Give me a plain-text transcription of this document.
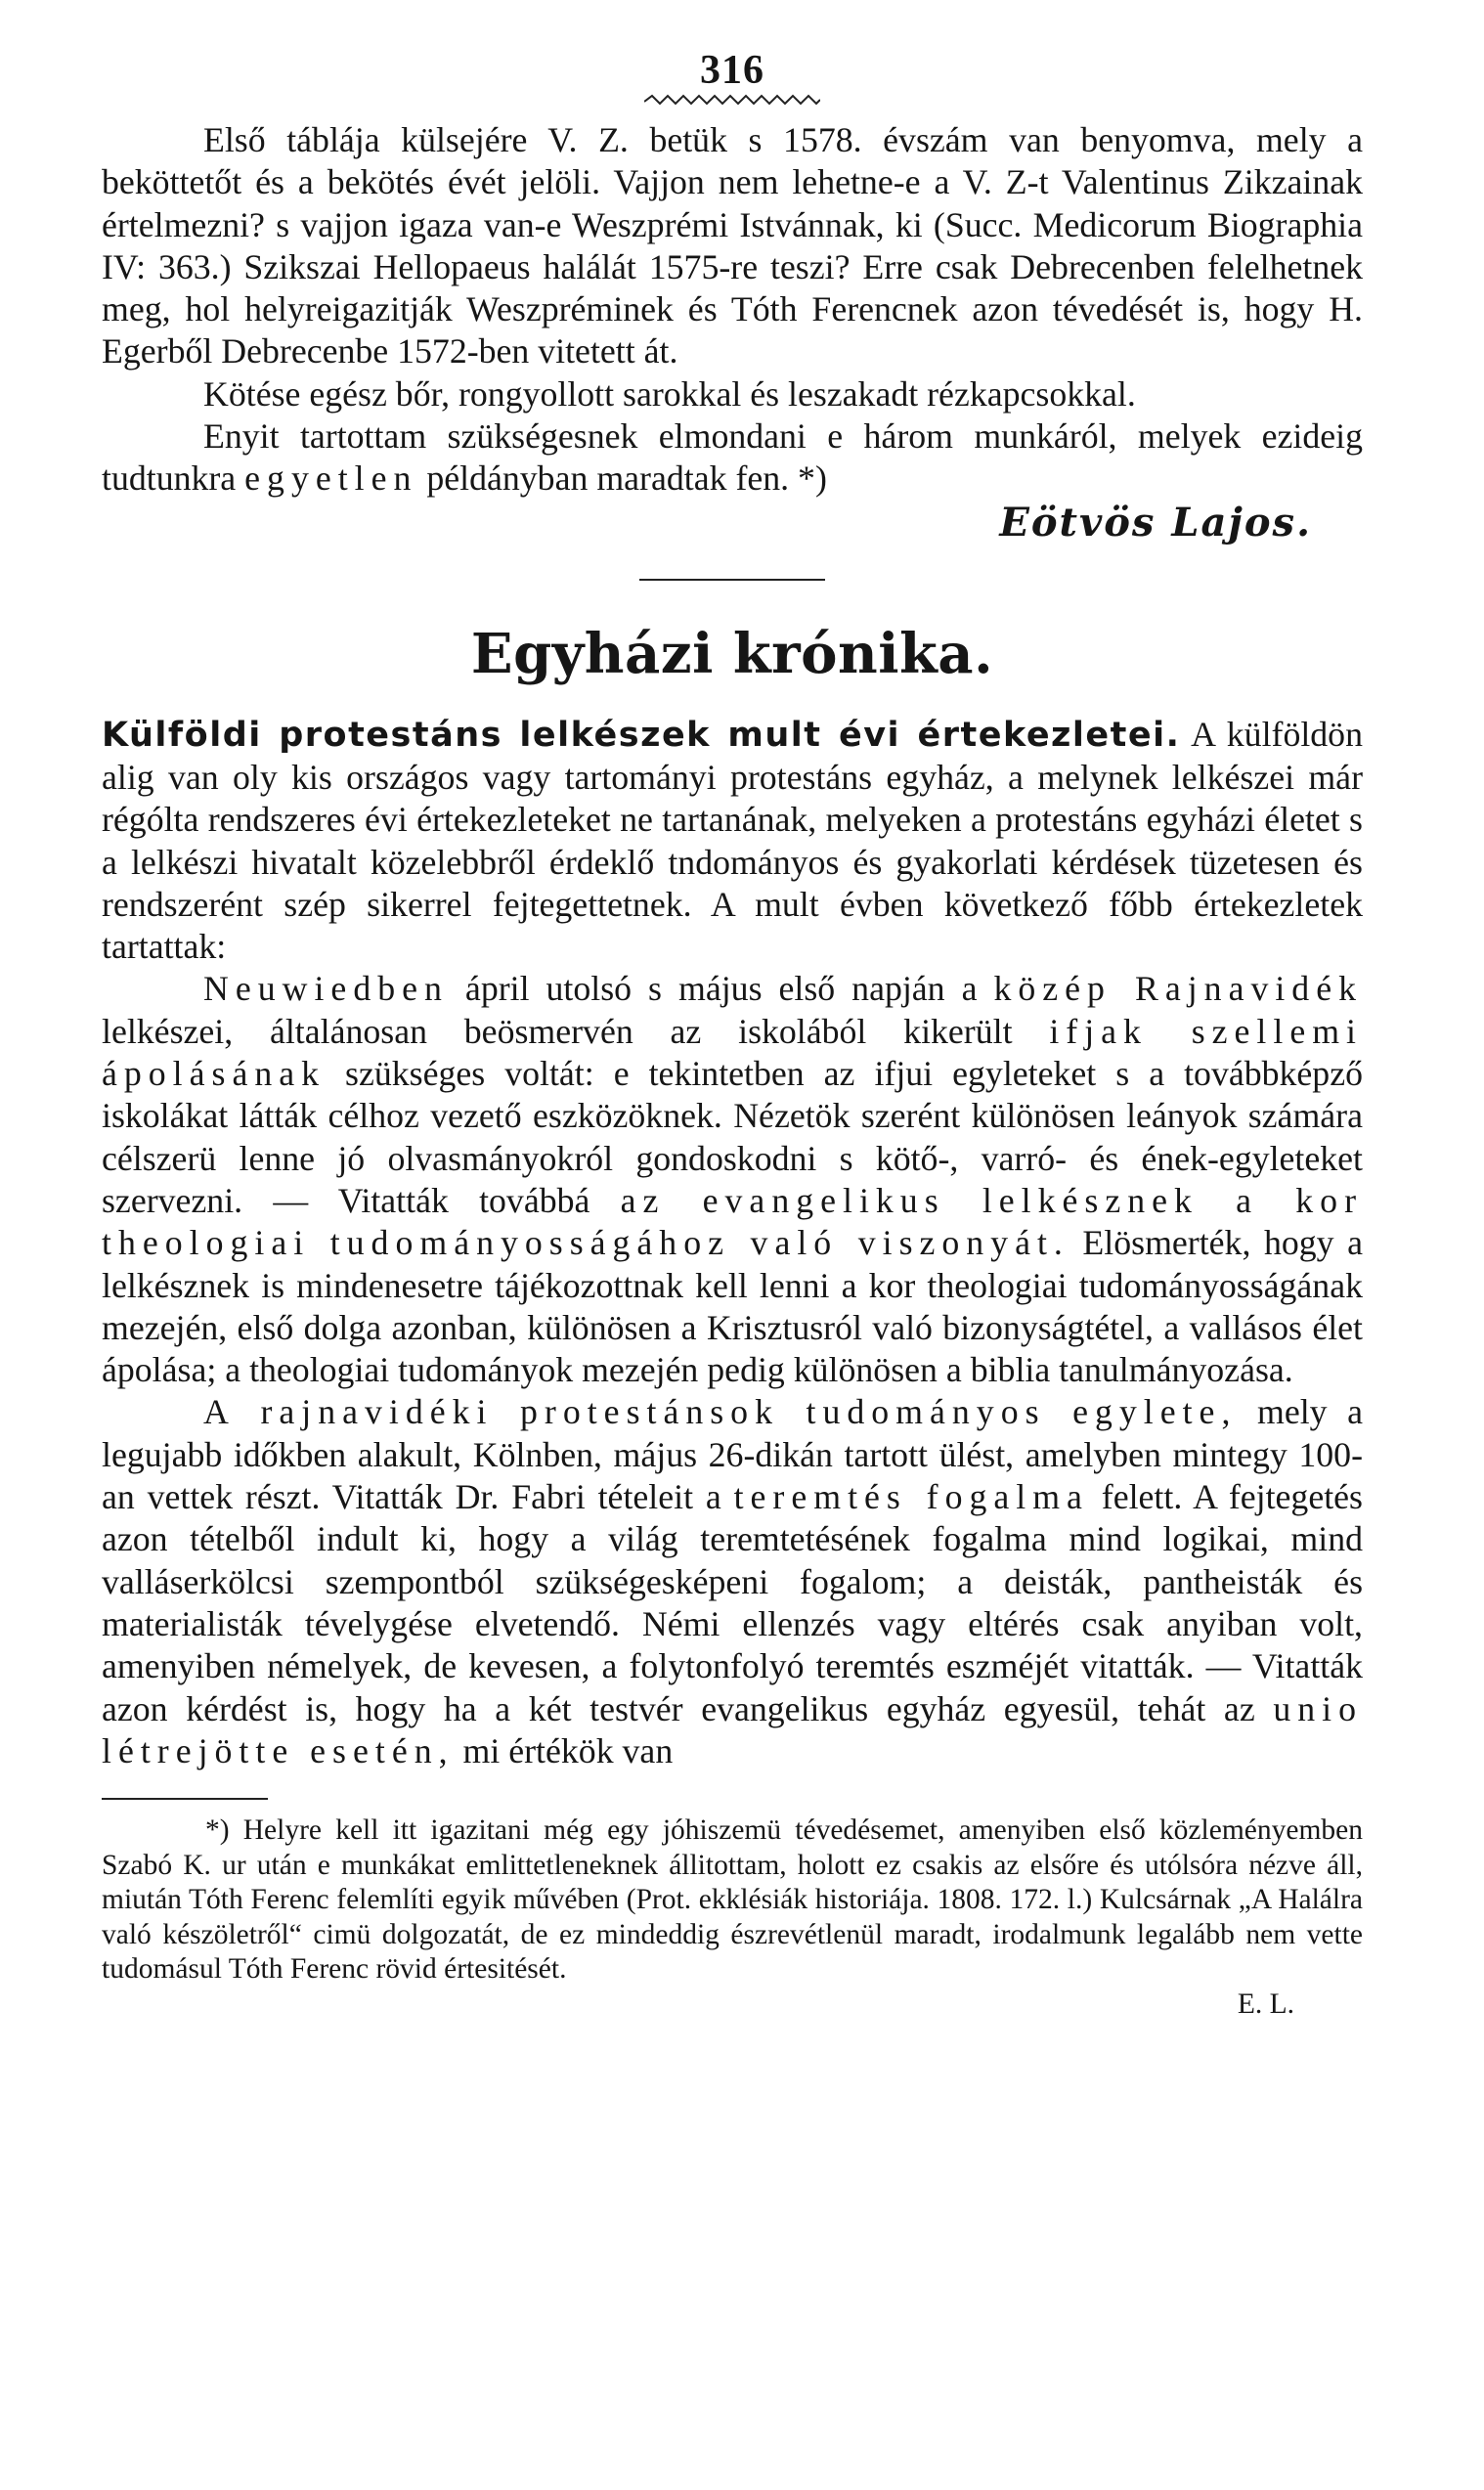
316

Első táblája külsejére V. Z. betük s 1578. évszám van benyomva, mely a beköttetőt és a bekötés évét jelöli. Vajjon nem lehetne-e a V. Z-t Valentinus Zikzainak értelmezni? s vajjon igaza van-e Weszprémi Istvánnak, ki (Succ. Medicorum Biographia IV: 363.) Szikszai Hellopaeus halálát 1575-re teszi? Erre csak Debrecenben felelhetnek meg, hol helyreigazitják Weszpréminek és Tóth Ferencnek azon tévedését is, hogy H. Egerből Debrecenbe 1572-ben vitetett át.

Kötése egész bőr, rongyollott sarokkal és leszakadt rézkapcsokkal.

Enyit tartottam szükségesnek elmondani e három munkáról, melyek ezideig tudtunkra egyetlen példányban maradtak fen. *)

Eötvös Lajos.
Egyházi krónika.

Külföldi protestáns lelkészek mult évi értekezletei. A külföldön alig van oly kis országos vagy tartományi protestáns egyház, a melynek lelkészei már régólta rendszeres évi értekezleteket ne tartanának, melyeken a protestáns egyházi életet s a lelkészi hivatalt közelebbről érdeklő tndományos és gyakorlati kérdések tüzetesen és rendszerént szép sikerrel fejtegettetnek. A mult évben következő főbb értekezletek tartattak:

Neuwiedben ápril utolsó s május első napján a közép Rajnavidék lelkészei, általánosan beösmervén az iskolából kikerült ifjak szellemi ápolásának szükséges voltát: e tekintetben az ifjui egyleteket s a továbbképző iskolákat látták célhoz vezető eszközöknek. Nézetök szerént különösen leányok számára célszerü lenne jó olvasmányokról gondoskodni s kötő-, varró- és ének-egyleteket szervezni. — Vitatták továbbá az evangelikus lelkésznek a kor theologiai tudományosságához való viszonyát. Elösmerték, hogy a lelkésznek is mindenesetre tájékozottnak kell lenni a kor theologiai tudományosságának mezején, első dolga azonban, különösen a Krisztusról való bizonyságtétel, a vallásos élet ápolása; a theologiai tudományok mezején pedig különösen a biblia tanulmányozása.

A rajnavidéki protestánsok tudományos egylete, mely a legujabb időkben alakult, Kölnben, május 26-dikán tartott ülést, amelyben mintegy 100-an vettek részt. Vitatták Dr. Fabri tételeit a teremtés fogalma felett. A fejtegetés azon tételből indult ki, hogy a világ teremtetésének fogalma mind logikai, mind valláserkölcsi szempontból szükségesképeni fogalom; a deisták, pantheisták és materialisták tévelygése elvetendő. Némi ellenzés vagy eltérés csak anyiban volt, amenyiben némelyek, de kevesen, a folytonfolyó teremtés eszméjét vitatták. — Vitatták azon kérdést is, hogy ha a két testvér evangelikus egyház egyesül, tehát az unio létrejötte esetén, mi értékök van

*) Helyre kell itt igazitani még egy jóhiszemü tévedésemet, amenyiben első közleményemben Szabó K. ur után e munkákat emlittetleneknek állitottam, holott ez csakis az elsőre és utólsóra nézve áll, miután Tóth Ferenc felemlíti egyik művében (Prot. ekklésiák historiája. 1808. 172. l.) Kulcsárnak „A Halálra való készöletről“ cimü dolgozatát, de ez mindeddig észrevétlenül maradt, irodalmunk legalább nem vette tudomásul Tóth Ferenc rövid értesitését.
E. L.
